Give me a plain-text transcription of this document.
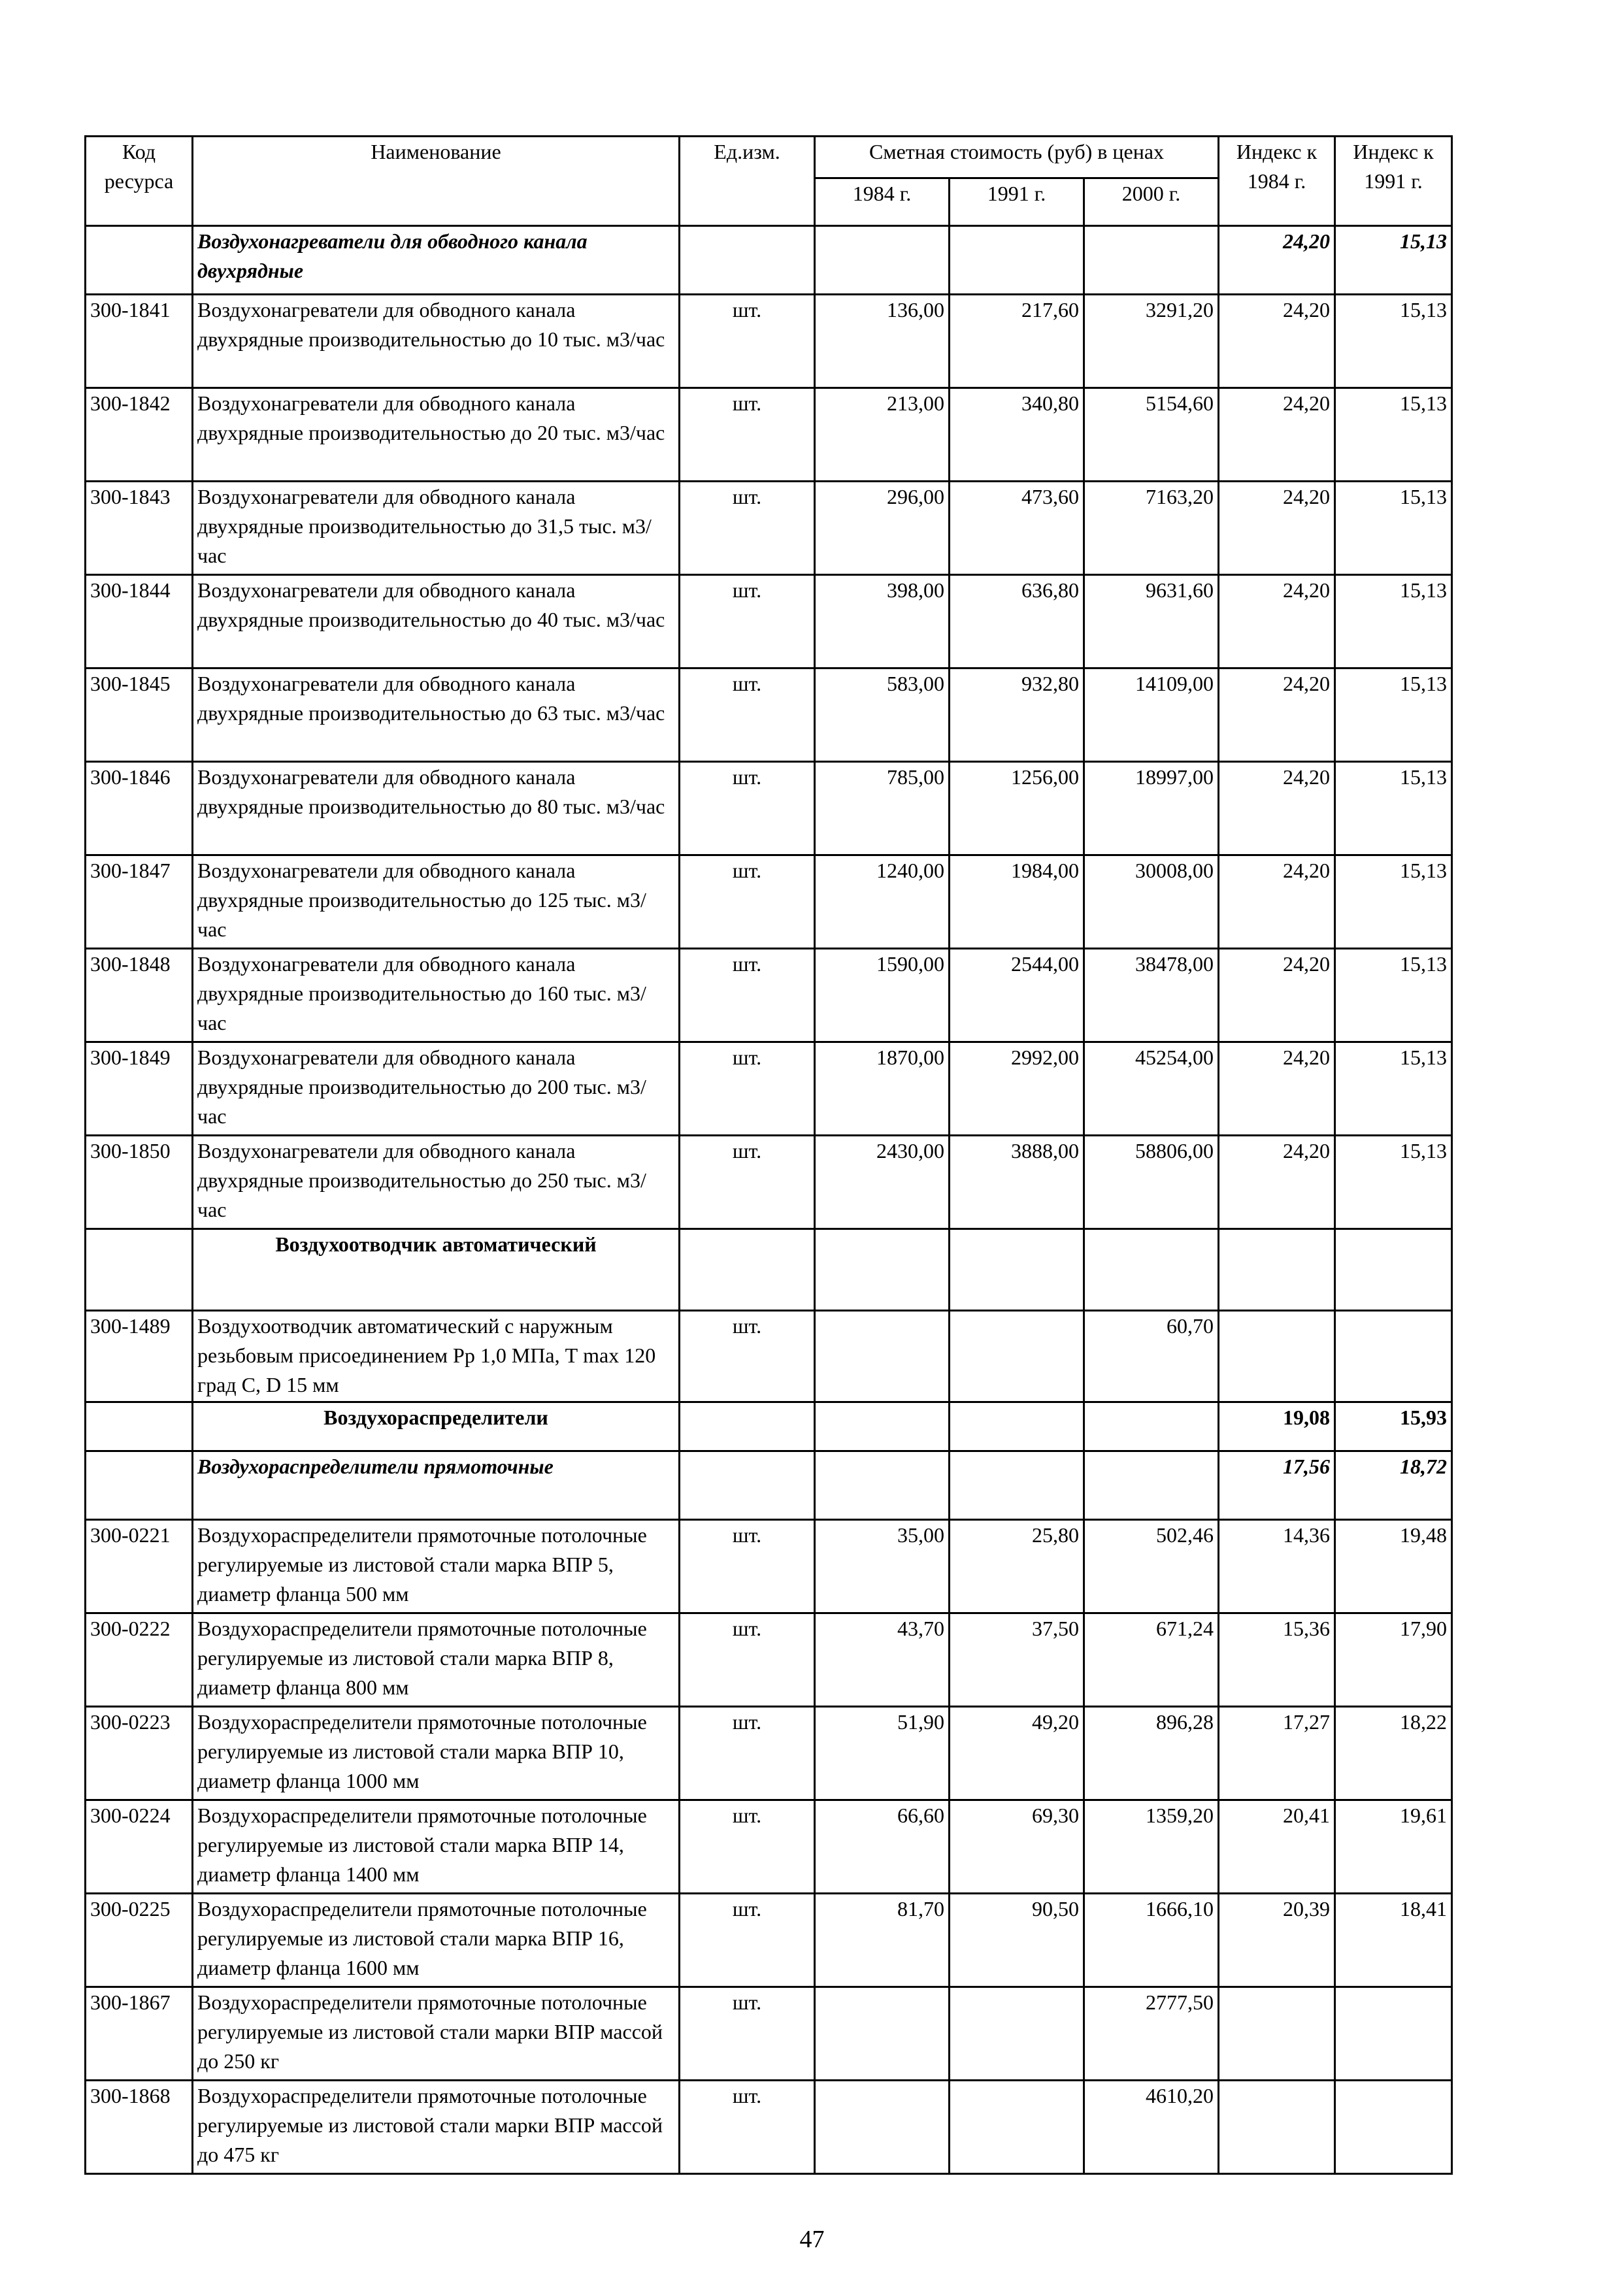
Код ресурса	Наименование	Ед.изм.	Сметная стоимость (руб) в ценах			Индекс к 1984 г.	Индекс к 1991 г.
			1984 г.	1991 г.	2000 г.		
	Воздухонагреватели для обводного канала двухрядные					24,20	15,13
300-1841	Воздухонагреватели для обводного канала двухрядные производительностью до 10 тыс. м3/час	шт.	136,00	217,60	3291,20	24,20	15,13
300-1842	Воздухонагреватели для обводного канала двухрядные производительностью до 20 тыс. м3/час	шт.	213,00	340,80	5154,60	24,20	15,13
300-1843	Воздухонагреватели для обводного канала двухрядные производительностью до 31,5 тыс. м3/час	шт.	296,00	473,60	7163,20	24,20	15,13
300-1844	Воздухонагреватели для обводного канала двухрядные производительностью до 40 тыс. м3/час	шт.	398,00	636,80	9631,60	24,20	15,13
300-1845	Воздухонагреватели для обводного канала двухрядные производительностью до 63 тыс. м3/час	шт.	583,00	932,80	14109,00	24,20	15,13
300-1846	Воздухонагреватели для обводного канала двухрядные производительностью до 80 тыс. м3/час	шт.	785,00	1256,00	18997,00	24,20	15,13
300-1847	Воздухонагреватели для обводного канала двухрядные производительностью до 125 тыс. м3/час	шт.	1240,00	1984,00	30008,00	24,20	15,13
300-1848	Воздухонагреватели для обводного канала двухрядные производительностью до 160 тыс. м3/час	шт.	1590,00	2544,00	38478,00	24,20	15,13
300-1849	Воздухонагреватели для обводного канала двухрядные производительностью до 200 тыс. м3/час	шт.	1870,00	2992,00	45254,00	24,20	15,13
300-1850	Воздухонагреватели для обводного канала двухрядные производительностью до 250 тыс. м3/час	шт.	2430,00	3888,00	58806,00	24,20	15,13
	Воздухоотводчик автоматический						
300-1489	Воздухоотводчик автоматический с наружным резьбовым присоединением Рр 1,0 МПа, Т max 120 град С, D 15 мм	шт.			60,70		
	Воздухораспределители					19,08	15,93
	Воздухораспределители прямоточные					17,56	18,72
300-0221	Воздухораспределители прямоточные потолочные регулируемые из листовой стали марка ВПР 5, диаметр фланца 500 мм	шт.	35,00	25,80	502,46	14,36	19,48
300-0222	Воздухораспределители прямоточные потолочные регулируемые из листовой стали марка ВПР 8, диаметр фланца 800 мм	шт.	43,70	37,50	671,24	15,36	17,90
300-0223	Воздухораспределители прямоточные потолочные регулируемые из листовой стали марка ВПР 10, диаметр фланца 1000 мм	шт.	51,90	49,20	896,28	17,27	18,22
300-0224	Воздухораспределители прямоточные потолочные регулируемые из листовой стали марка ВПР 14, диаметр фланца 1400 мм	шт.	66,60	69,30	1359,20	20,41	19,61
300-0225	Воздухораспределители прямоточные потолочные регулируемые из листовой стали марка ВПР 16, диаметр фланца 1600 мм	шт.	81,70	90,50	1666,10	20,39	18,41
300-1867	Воздухораспределители прямоточные потолочные регулируемые из листовой стали марки ВПР массой до 250 кг	шт.			2777,50		
300-1868	Воздухораспределители прямоточные потолочные регулируемые из листовой стали марки ВПР массой до 475 кг	шт.			4610,20		
47
